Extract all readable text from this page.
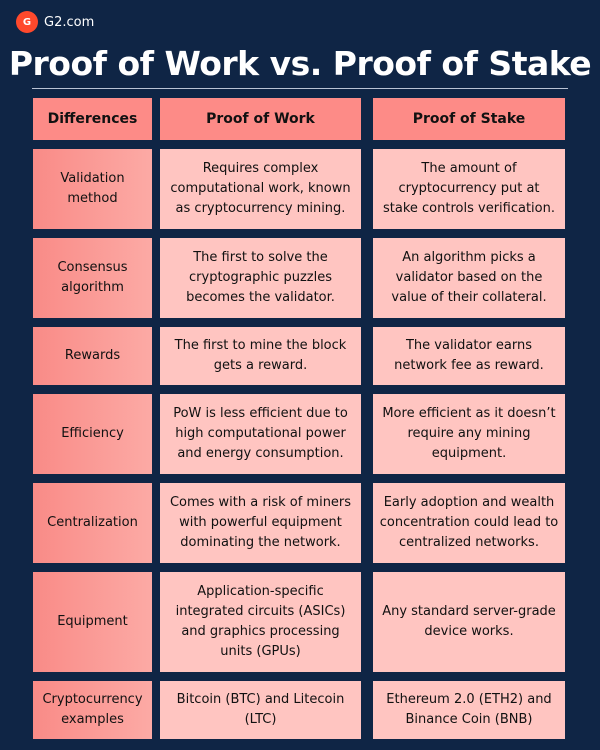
G G2.com
Proof of Work vs. Proof of Stake
Differences	Proof of Work	Proof of Stake
Validation method
Requires complex computational work, known as cryptocurrency mining.
The amount of cryptocurrency put at stake controls verification.
Consensus algorithm
The first to solve the cryptographic puzzles becomes the validator.
An algorithm picks a validator based on the value of their collateral.
Rewards
The first to mine the block gets a reward.
The validator earns network fee as reward.
Efficiency
PoW is less efficient due to high computational power and energy consumption.
More efficient as it doesn’t require any mining equipment.
Centralization
Comes with a risk of miners with powerful equipment dominating the network.
Early adoption and wealth concentration could lead to centralized networks.
Equipment
Application-specific integrated circuits (ASICs) and graphics processing units (GPUs)
Any standard server-grade device works.
Cryptocurrency examples
Bitcoin (BTC) and Litecoin (LTC)
Ethereum 2.0 (ETH2) and Binance Coin (BNB)
